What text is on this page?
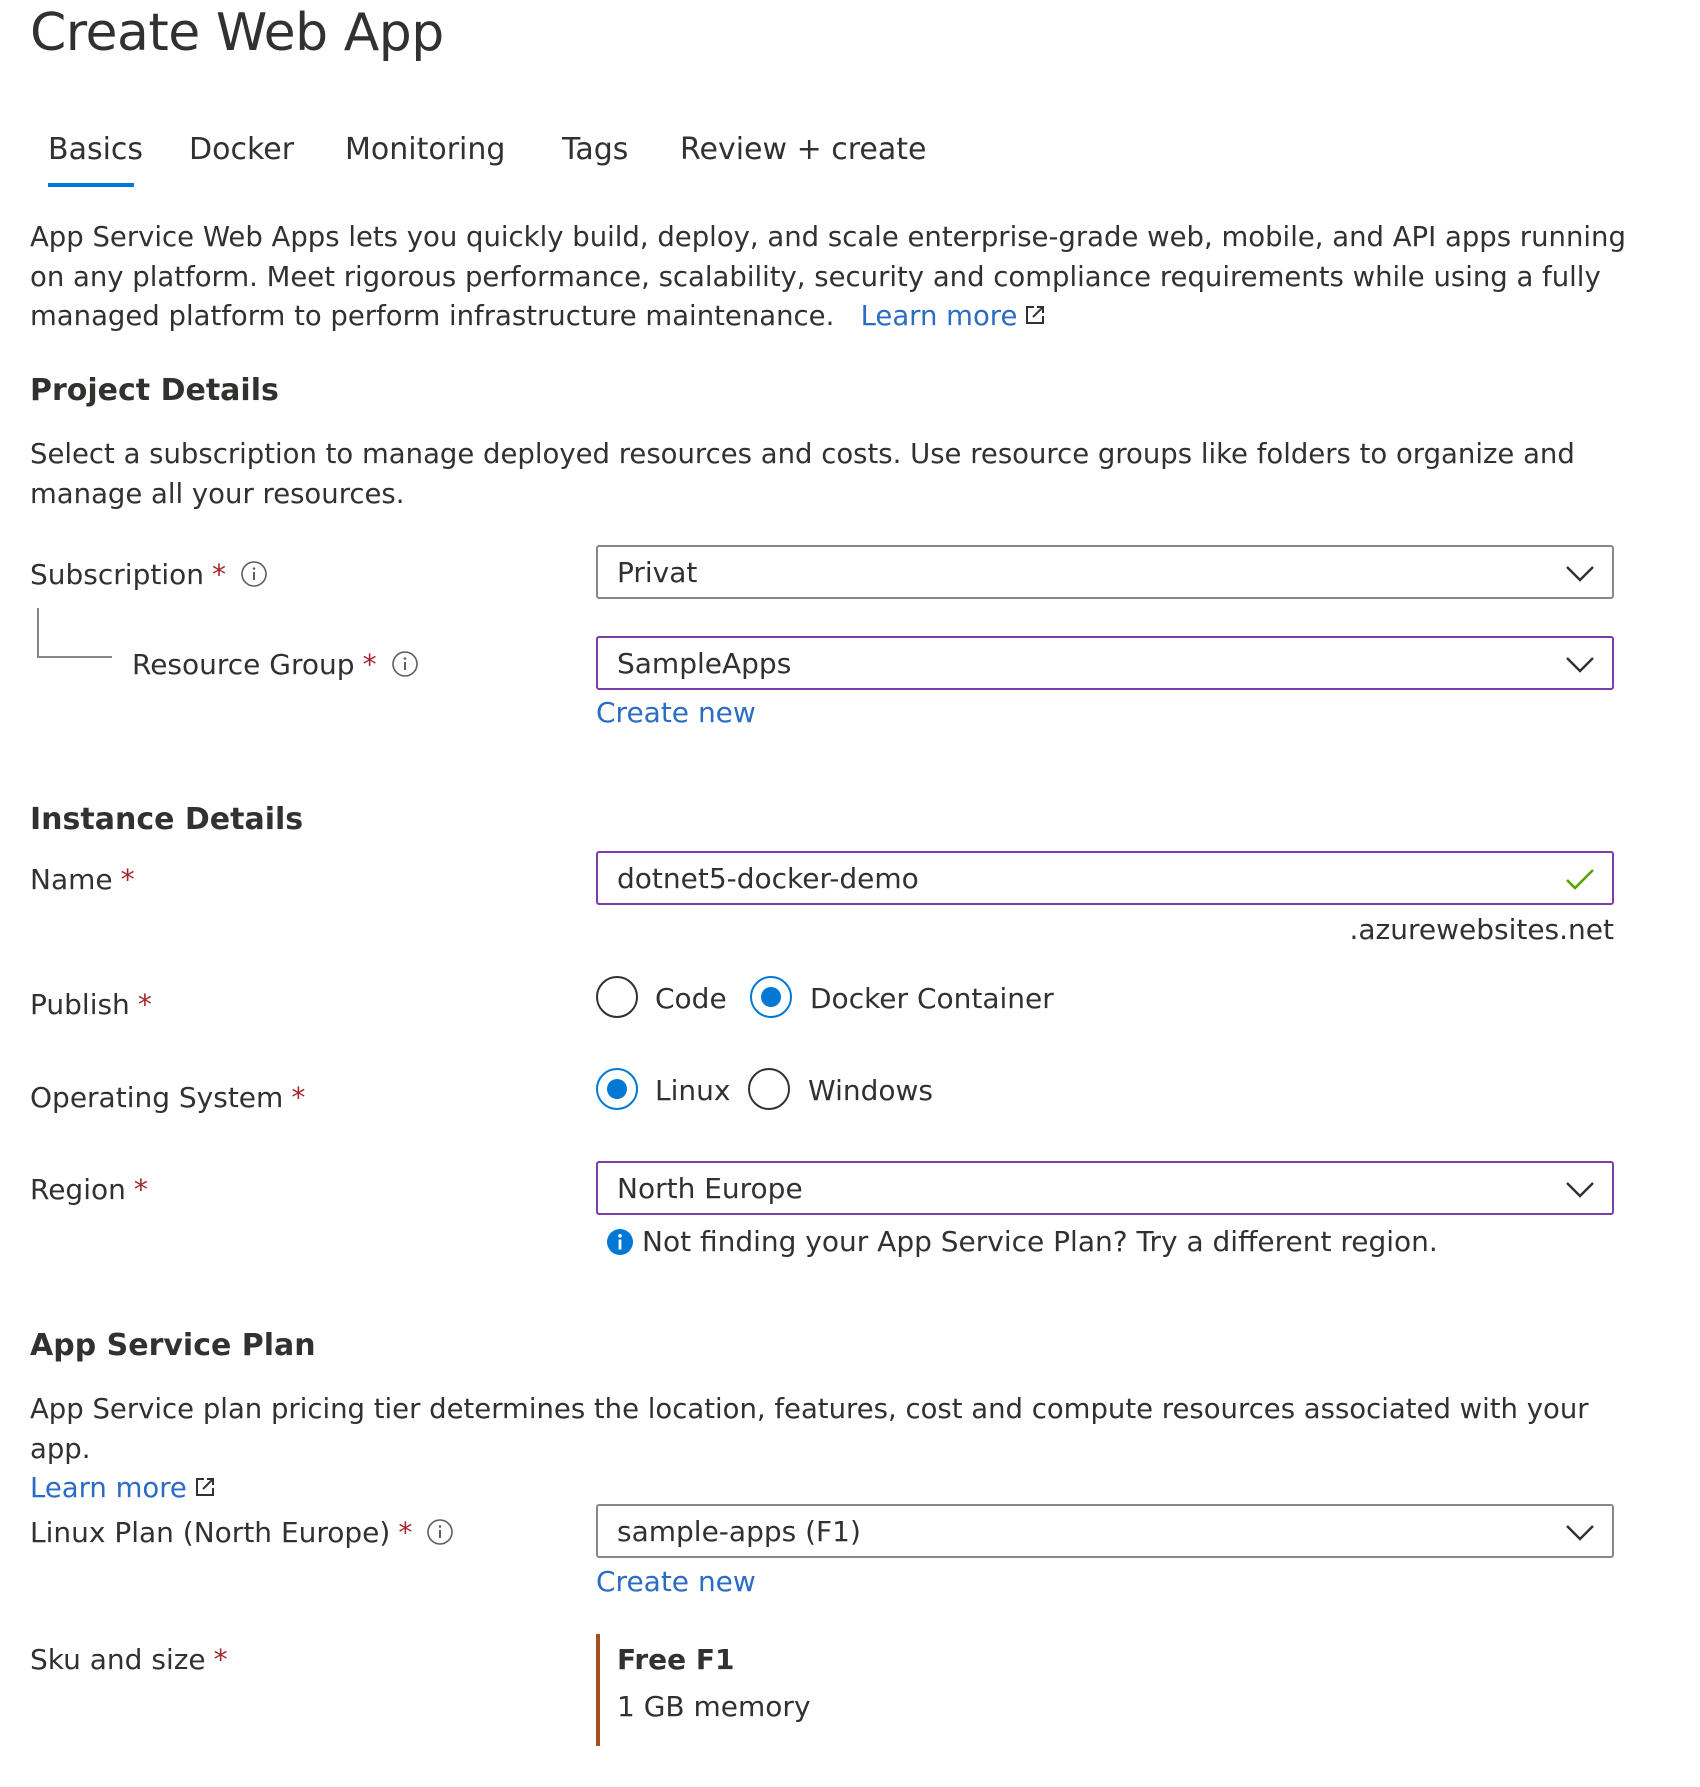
Create Web App
Basics Docker Monitoring Tags Review + create

App Service Web Apps lets you quickly build, deploy, and scale enterprise-grade web, mobile, and API apps running on any platform. Meet rigorous performance, scalability, security and compliance requirements while using a fully managed platform to perform infrastructure maintenance. Learn more

Project Details

Select a subscription to manage deployed resources and costs. Use resource groups like folders to organize and manage all your resources.

Subscription *	Privat
Resource Group *	SampleApps
Create new
Instance Details
Name *	dotnet5-docker-demo
.azurewebsites.net
Publish *	Code	Docker Container
Operating System *	Linux	Windows
Region *	North Europe
Not finding your App Service Plan? Try a different region.
App Service Plan

App Service plan pricing tier determines the location, features, cost and compute resources associated with your app.
Learn more

Linux Plan (North Europe) *	sample-apps (F1)
Create new
Sku and size *	Free F1
1 GB memory
